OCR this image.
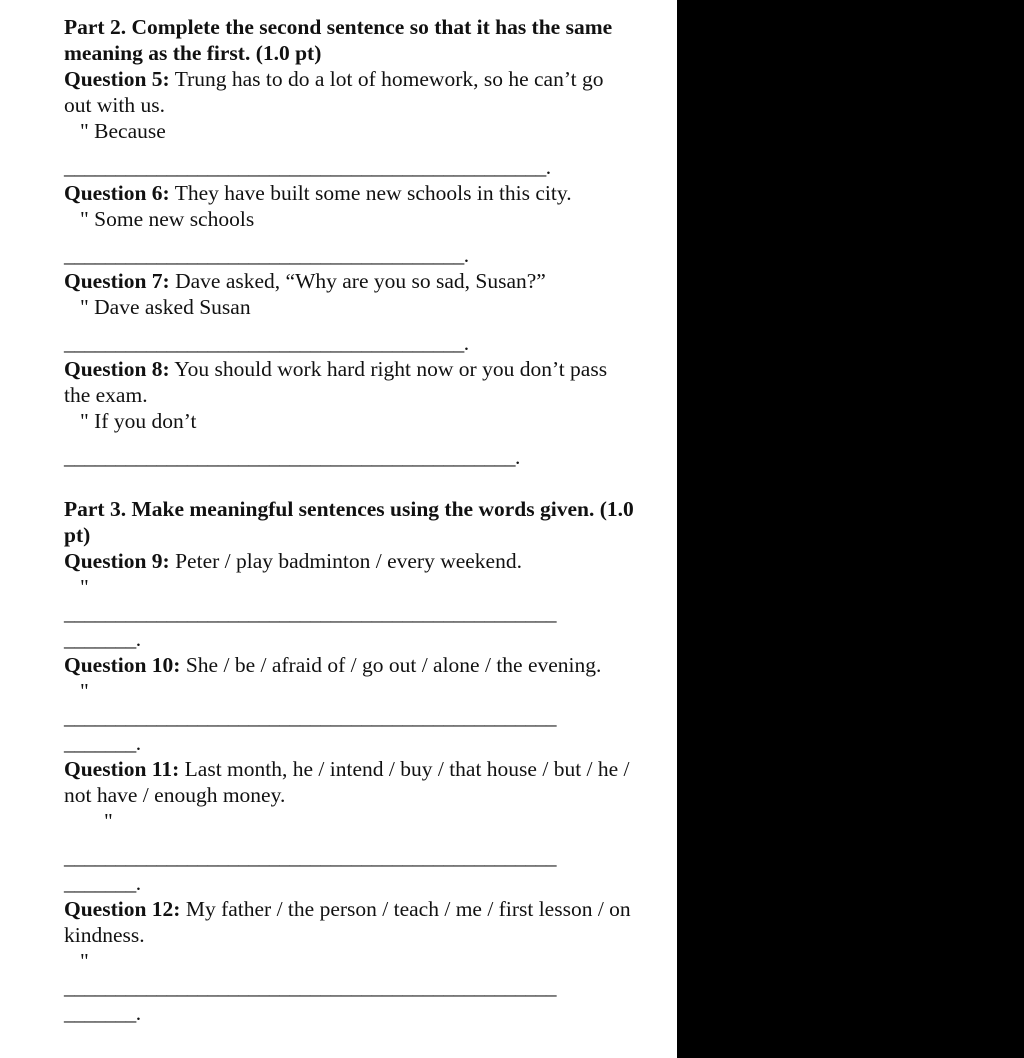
Part 2. Complete the second sentence so that it has the same meaning as the first. (1.0 pt)

Question 5: Trung has to do a lot of homework, so he can’t go out with us.

" Because

_______________________________________________.

Question 6: They have built some new schools in this city.

" Some new schools

_______________________________________.

Question 7: Dave asked, “Why are you so sad, Susan?”

" Dave asked Susan

_______________________________________.

Question 8: You should work hard right now or you don’t pass the exam.

" If you don’t

____________________________________________.

Part 3. Make meaningful sentences using the words given. (1.0 pt)

Question 9: Peter / play badminton / every weekend.

"

________________________________________________

_______.

Question 10: She / be / afraid of / go out / alone / the evening.

"

________________________________________________

_______.

Question 11: Last month, he / intend / buy / that house / but / he / not have / enough money.

"

________________________________________________

_______.

Question 12: My father / the person / teach / me / first lesson / on kindness.

"

________________________________________________

_______.
